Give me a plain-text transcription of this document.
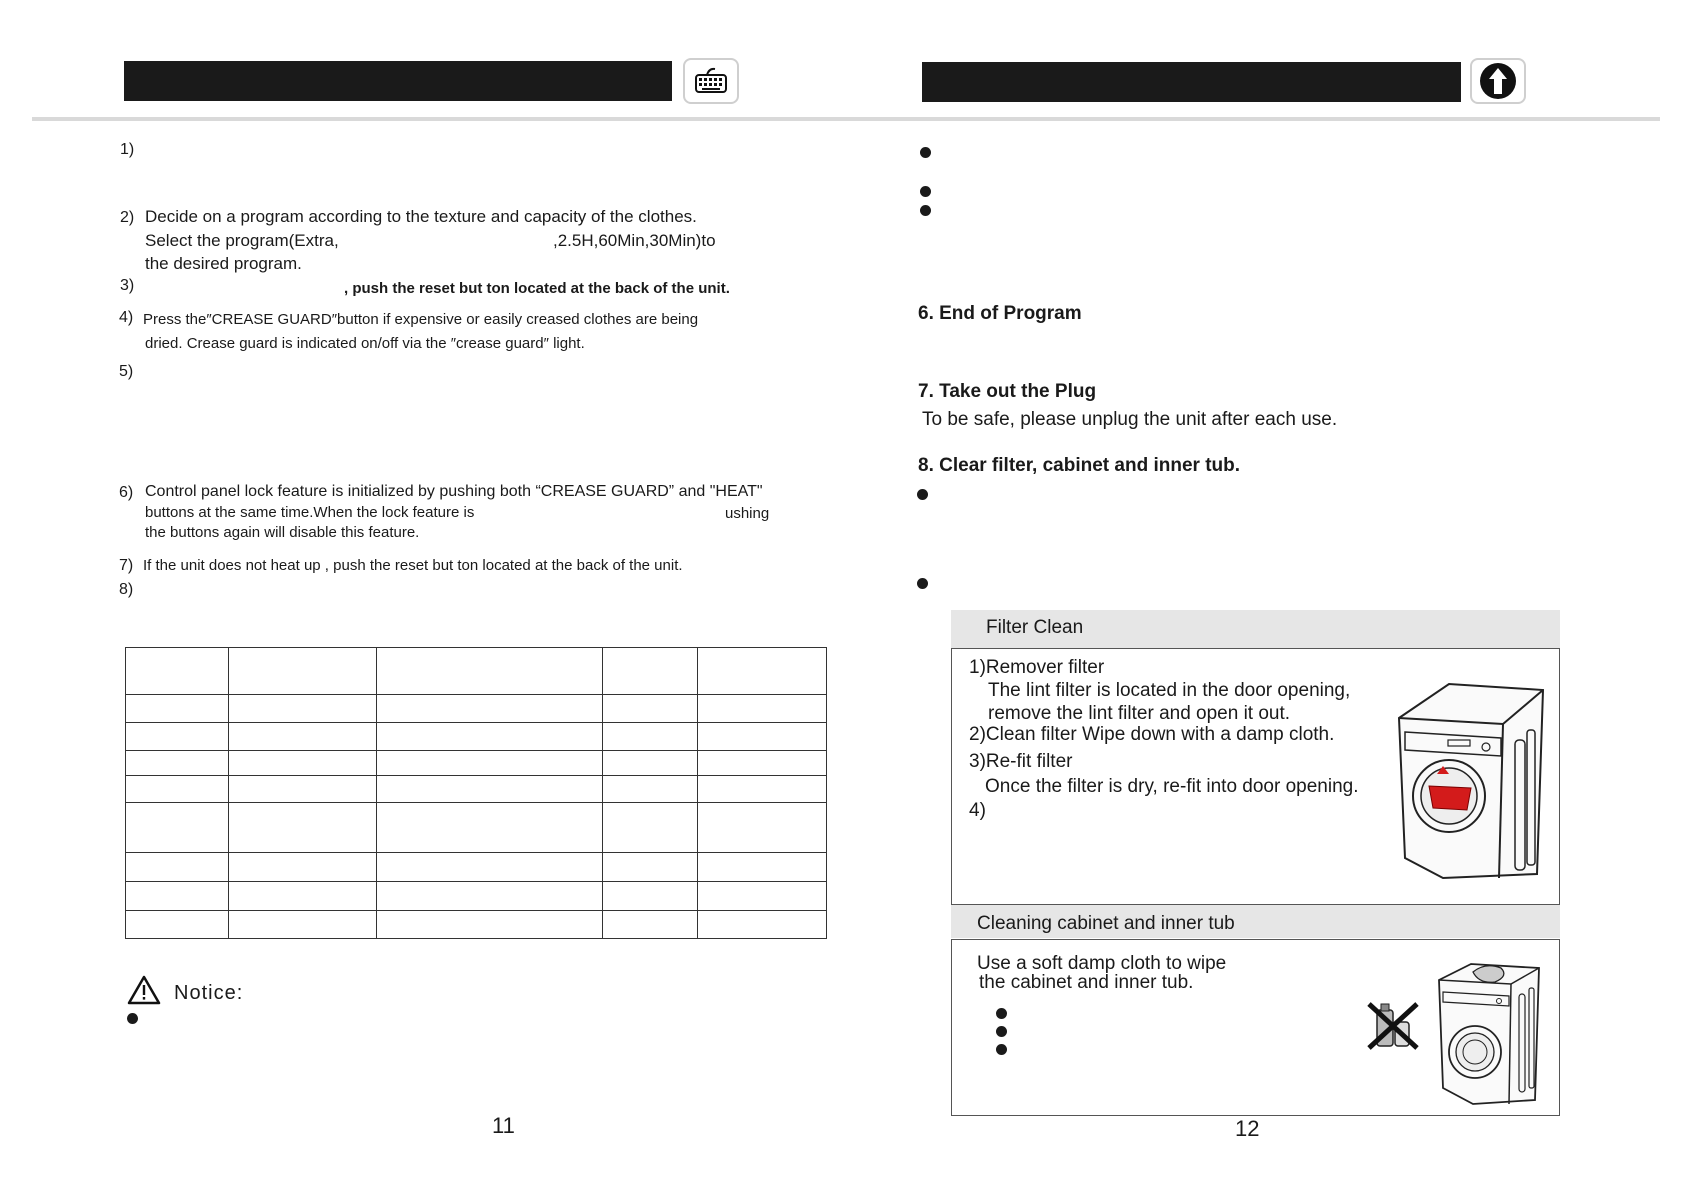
1)
2) Decide on a program according to the texture and capacity of the clothes.
Select the program(Extra,	,2.5H,60Min,30Min)to
the desired program.
3)	, push the reset but ton located at the back of the unit.
4) Press the″CREASE GUARD″button if expensive or easily creased clothes are being
dried. Crease guard is indicated on/off via the ″crease guard″ light.
5)
6) Control panel lock feature is initialized by pushing both “CREASE GUARD” and "HEAT"
buttons at the same time.When the lock feature is	ushing
the buttons again will disable this feature.
7) If the unit does not heat up , push the reset but ton located at the back of the unit.
8)

Notice:
11
6. End of Program
7. Take out the Plug
To be safe, please unplug the unit after each use.
8. Clear filter, cabinet and inner tub.
Filter Clean
1)Remover filter
The lint filter is located in the door opening,
remove the lint filter and open it out.
2)Clean filter Wipe down with a damp cloth.
3)Re-fit filter
Once the filter is dry, re-fit into door opening.
4)
Cleaning cabinet and inner tub
Use a soft damp cloth to wipe
the cabinet and inner tub.
12
